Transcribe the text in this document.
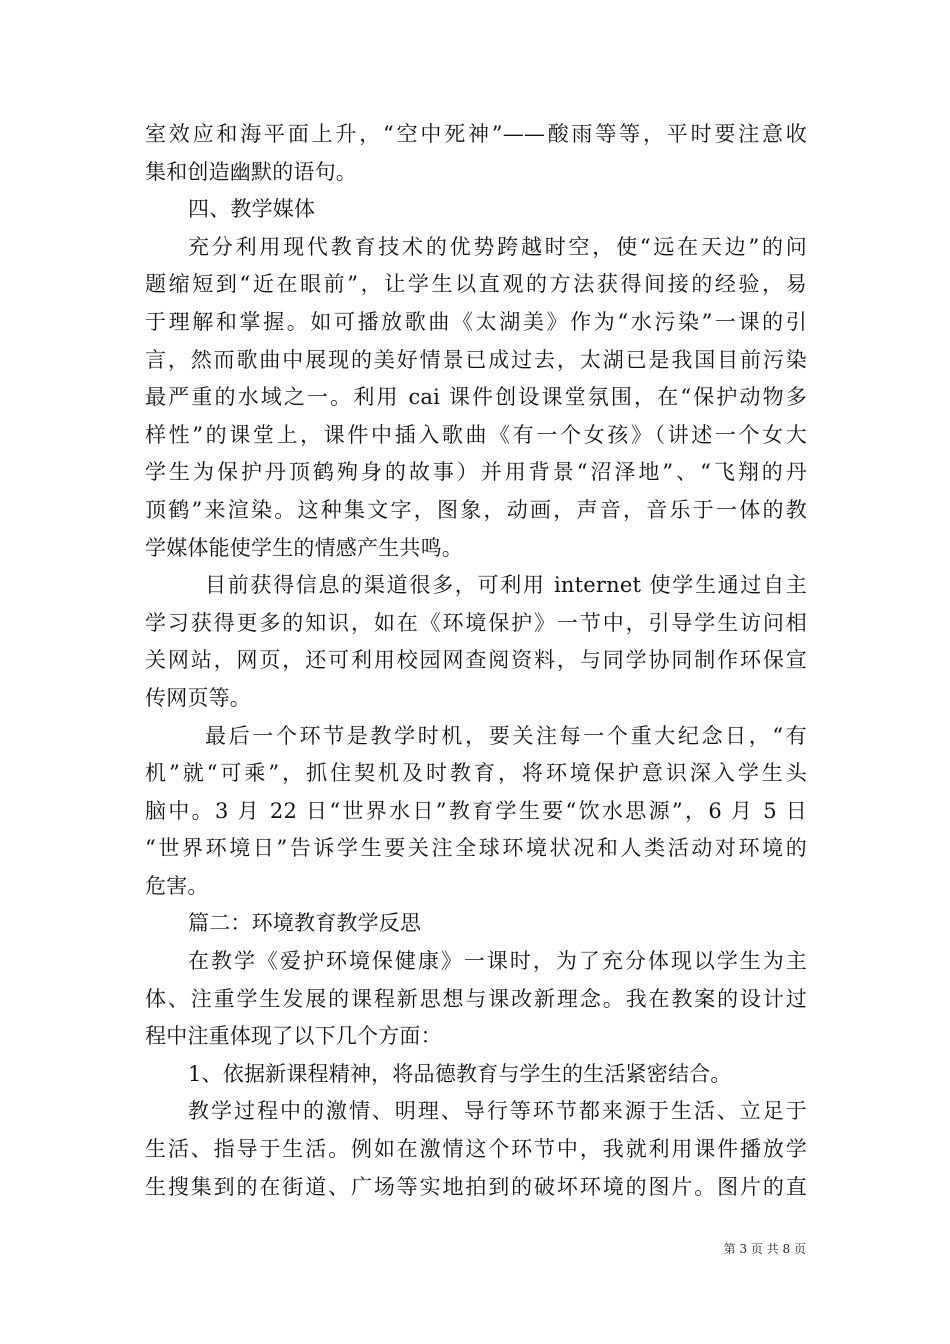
室效应和海平面上升，“空中死神”——酸雨等等，平时要注意收
集和创造幽默的语句。
四、教学媒体
充分利用现代教育技术的优势跨越时空，使“远在天边”的问
题缩短到“近在眼前”，让学生以直观的方法获得间接的经验，易
于理解和掌握。如可播放歌曲《太湖美》作为“水污染”一课的引
言，然而歌曲中展现的美好情景已成过去，太湖已是我国目前污染
最严重的水域之一。利用 cai 课件创设课堂氛围，在“保护动物多
样性”的课堂上，课件中插入歌曲《有一个女孩》（讲述一个女大
学生为保护丹顶鹤殉身的故事）并用背景“沼泽地”、“飞翔的丹
顶鹤”来渲染。这种集文字，图象，动画，声音，音乐于一体的教
学媒体能使学生的情感产生共鸣。
目前获得信息的渠道很多，可利用 internet 使学生通过自主
学习获得更多的知识，如在《环境保护》一节中，引导学生访问相
关网站，网页，还可利用校园网查阅资料，与同学协同制作环保宣
传网页等。
最后一个环节是教学时机，要关注每一个重大纪念日，“有
机”就“可乘”，抓住契机及时教育，将环境保护意识深入学生头
脑中。3 月 22 日“世界水日”教育学生要“饮水思源”，6 月 5 日
“世界环境日”告诉学生要关注全球环境状况和人类活动对环境的
危害。
篇二：环境教育教学反思
在教学《爱护环境保健康》一课时，为了充分体现以学生为主
体、注重学生发展的课程新思想与课改新理念。我在教案的设计过
程中注重体现了以下几个方面：
1、依据新课程精神，将品德教育与学生的生活紧密结合。
教学过程中的激情、明理、导行等环节都来源于生活、立足于
生活、指导于生活。例如在激情这个环节中，我就利用课件播放学
生搜集到的在街道、广场等实地拍到的破坏环境的图片。图片的直
第 3 页 共 8 页
